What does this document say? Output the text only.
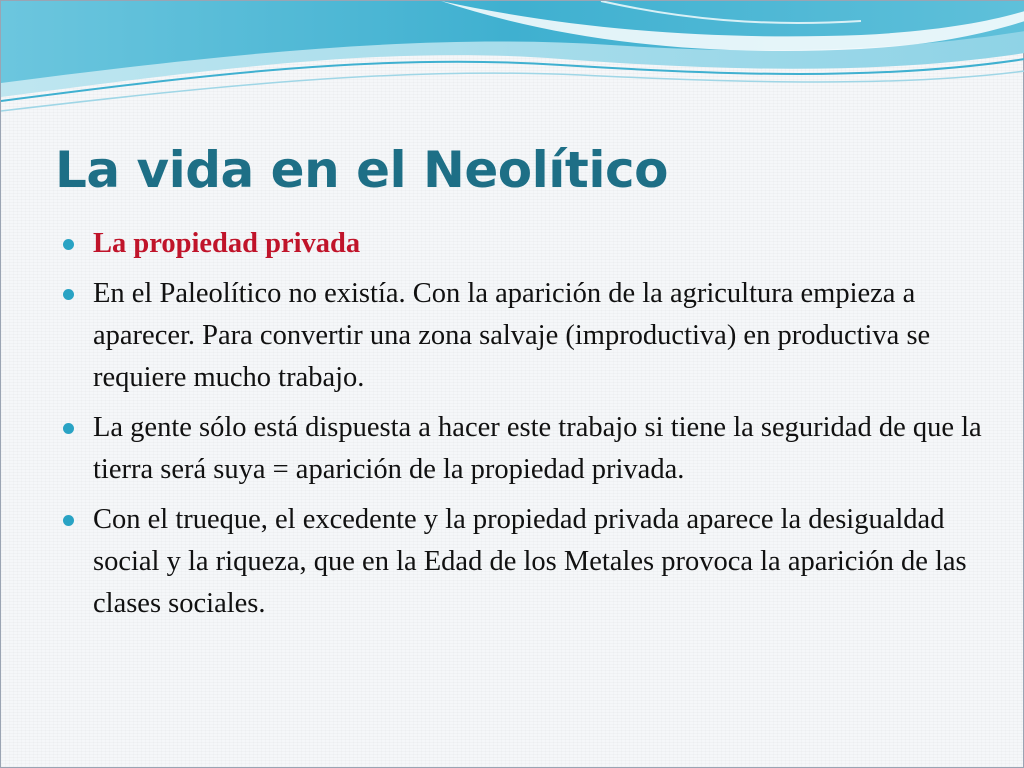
La vida en el Neolítico
La propiedad privada
En el Paleolítico no existía. Con la aparición de la agricultura empieza a aparecer. Para convertir una zona salvaje (improductiva) en productiva se requiere mucho trabajo.
La gente sólo está dispuesta a hacer este trabajo si tiene la seguridad de que la tierra será suya = aparición de la propiedad privada.
Con el trueque, el excedente y la propiedad privada aparece la desigualdad social y la riqueza, que en la Edad de los Metales provoca la aparición de las clases sociales.
